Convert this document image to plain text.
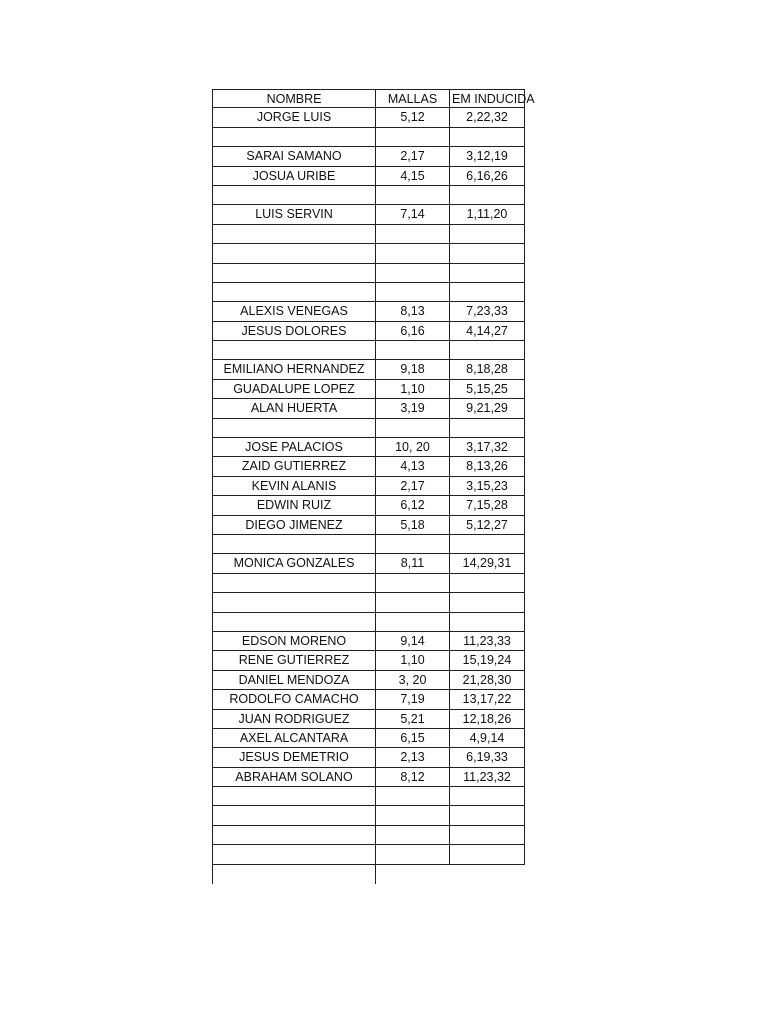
NOMBRE	MALLAS	EM INDUCIDA
JORGE LUIS	5,12	2,22,32
SARAI SAMANO	2,17	3,12,19
JOSUA URIBE	4,15	6,16,26
LUIS SERVIN	7,14	1,11,20
ALEXIS VENEGAS	8,13	7,23,33
JESUS DOLORES	6,16	4,14,27
EMILIANO HERNANDEZ	9,18	8,18,28
GUADALUPE LOPEZ	1,10	5,15,25
ALAN HUERTA	3,19	9,21,29
JOSE PALACIOS	10, 20	3,17,32
ZAID GUTIERREZ	4,13	8,13,26
KEVIN ALANIS	2,17	3,15,23
EDWIN RUIZ	6,12	7,15,28
DIEGO JIMENEZ	5,18	5,12,27
MONICA GONZALES	8,11	14,29,31
EDSON MORENO	9,14	11,23,33
RENE GUTIERREZ	1,10	15,19,24
DANIEL MENDOZA	3, 20	21,28,30
RODOLFO CAMACHO	7,19	13,17,22
JUAN RODRIGUEZ	5,21	12,18,26
AXEL ALCANTARA	6,15	4,9,14
JESUS DEMETRIO	2,13	6,19,33
ABRAHAM SOLANO	8,12	11,23,32
